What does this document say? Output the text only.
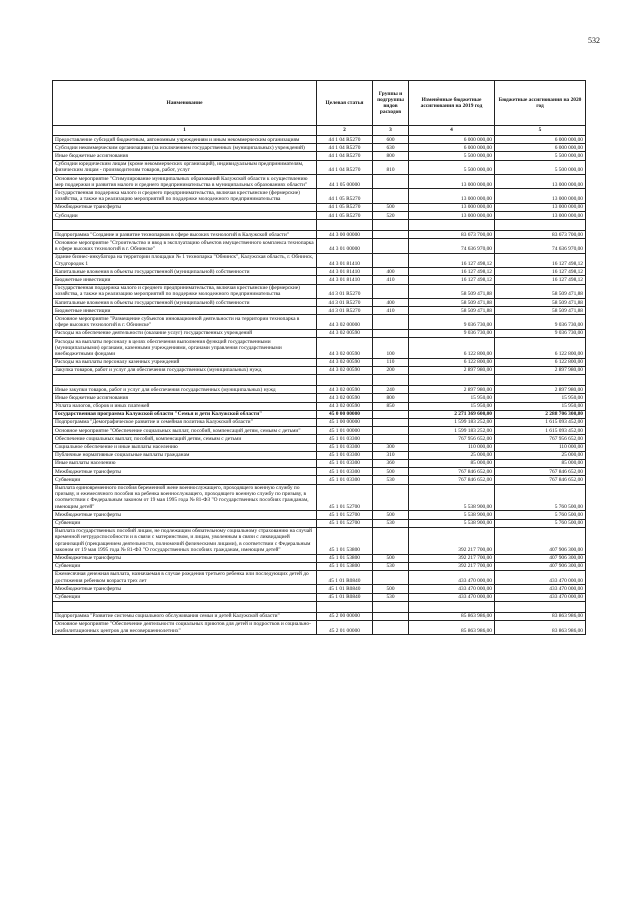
532
Наименование	Целевая статья	Группы и подгруппы видов расходов	Изменённые бюджетные ассигнования на 2019 год	Бюджетные ассигнования на 2020 год
1	2	3	4	5
Предоставление субсидий бюджетным, автономным учреждениям и иным некоммерческим организациям	44 1 04 R5270	600	6 000 000,00	6 000 000,00
Субсидии некоммерческим организациям (за исключением государственных (муниципальных) учреждений)	44 1 04 R5270	630	6 000 000,00	6 000 000,00
Иные бюджетные ассигнования	44 1 04 R5270	800	5 500 000,00	5 500 000,00
Субсидии юридическим лицам (кроме некоммерческих организаций), индивидуальным предпринимателям, физическим лицам - производителям товаров, работ, услуг	44 1 04 R5270	810	5 500 000,00	5 500 000,00
Основное мероприятие "Стимулирование муниципальных образований Калужской области к осуществлению мер поддержки и развития малого и среднего предпринимательства в муниципальных образованиях области"	44 1 05 00000		13 000 000,00	13 000 000,00
Государственная поддержка малого и среднего предпринимательства, включая крестьянские (фермерские) хозяйства, а также на реализацию мероприятий по поддержке молодежного предпринимательства	44 1 05 R5270		13 000 000,00	13 000 000,00
Межбюджетные трансферты	44 1 05 R5270	500	13 000 000,00	13 000 000,00
Субсидии	44 1 05 R5270	520	13 000 000,00	13 000 000,00

Подпрограмма "Создание и развитие технопарков в сфере высоких технологий в Калужской области"	44 3 00 00000		83 673 700,00	83 673 700,00
Основное мероприятие "Строительство и ввод в эксплуатацию объектов имущественного комплекса технопарка в сфере высоких технологий в г. Обнинске"	44 3 01 00000		74 636 970,00	74 636 970,00
Здание бизнес-инкубатора на территории площадки № 1 технопарка "Обнинск", Калужская область, г. Обнинск, Студгородок 1	44 3 01 81410		16 127 498,12	16 127 498,12
Капитальные вложения в объекты государственной (муниципальной) собственности	44 3 01 81410	400	16 127 498,12	16 127 498,12
Бюджетные инвестиции	44 3 01 81410	410	16 127 498,12	16 127 498,12
Государственная поддержка малого и среднего предпринимательства, включая крестьянские (фермерские) хозяйства, а также на реализацию мероприятий по поддержке молодежного предпринимательства	44 3 01 R5270		58 509 471,88	58 509 471,88
Капитальные вложения в объекты государственной (муниципальной) собственности	44 3 01 R5270	400	58 509 471,88	58 509 471,88
Бюджетные инвестиции	44 3 01 R5270	410	58 509 471,88	58 509 471,88
Основное мероприятие "Размещение субъектов инновационной деятельности на территории технопарка в сфере высоких технологий в г. Обнинске"	44 3 02 00000		9 036 730,00	9 036 730,00
Расходы на обеспечение деятельности (оказание услуг) государственных учреждений	44 3 02 00590		9 036 730,00	9 036 730,00
Расходы на выплаты персоналу в целях обеспечения выполнения функций государственными (муниципальными) органами, казенными учреждениями, органами управления государственными внебюджетными фондами	44 3 02 00590	100	6 122 800,00	6 122 800,00
Расходы на выплаты персоналу казенных учреждений	44 3 02 00590	110	6 122 800,00	6 122 800,00
Закупка товаров, работ и услуг для обеспечения государственных (муниципальных) нужд	44 3 02 00590	200	2 897 980,00	2 897 980,00

Иные закупки товаров, работ и услуг для обеспечения государственных (муниципальных) нужд	44 3 02 00590	240	2 897 980,00	2 897 980,00
Иные бюджетные ассигнования	44 3 02 00590	800	15 950,00	15 950,00
Уплата налогов, сборов и иных платежей	44 3 02 00590	850	15 950,00	15 950,00
Государственная программа Калужской области "Семья и дети Калужской области"	45 0 00 00000		2 271 369 600,00	2 288 706 300,80
Подпрограмма "Демографическое развитие и семейная политика Калужской области"	45 1 00 00000		1 599 183 252,00	1 615 093 452,00
Основное мероприятие "Обеспечение социальных выплат, пособий, компенсаций детям, семьям с детьми"	45 1 01 00000		1 599 183 252,00	1 615 093 452,00
Обеспечение социальных выплат, пособий, компенсаций детям, семьям с детьми	45 1 01 03300		767 956 652,00	767 956 652,00
Социальное обеспечение и иные выплаты населению	45 1 01 03300	300	110 000,00	110 000,00
Публичные нормативные социальные выплаты гражданам	45 1 01 03300	310	25 000,00	25 000,00
Иные выплаты населению	45 1 01 03300	360	85 000,00	85 000,00
Межбюджетные трансферты	45 1 01 03300	500	767 846 652,00	767 846 652,00
Субвенции	45 1 01 03300	530	767 846 652,00	767 846 652,00
Выплата единовременного пособия беременной жене военнослужащего, проходящего военную службу по призыву, и ежемесячного пособия на ребенка военнослужащего, проходящего военную службу по призыву, в соответствии с Федеральным законом от 19 мая 1995 года № 81-ФЗ "О государственных пособиях гражданам, имеющим детей"	45 1 01 52700		5 538 900,00	5 760 500,00
Межбюджетные трансферты	45 1 01 52700	500	5 538 900,00	5 760 500,00
Субвенции	45 1 01 52700	530	5 538 900,00	5 760 500,00
Выплата государственных пособий лицам, не подлежащим обязательному социальному страхованию на случай временной нетрудоспособности и в связи с материнством, и лицам, уволенным в связи с ликвидацией организаций (прекращением деятельности, полномочий физическими лицами), в соответствии с Федеральным законом от 19 мая 1995 года № 81-ФЗ "О государственных пособиях гражданам, имеющим детей"	45 1 01 53800		392 217 700,00	407 906 300,00
Межбюджетные трансферты	45 1 01 53800	500	392 217 700,00	407 906 300,00
Субвенции	45 1 01 53800	530	392 217 700,00	407 906 300,00
Ежемесячная денежная выплата, назначаемая в случае рождения третьего ребенка или последующих детей до достижения ребенком возраста трех лет	45 1 01 R0840		433 470 000,00	433 470 000,00
Межбюджетные трансферты	45 1 01 R0840	500	433 470 000,00	433 470 000,00
Субвенции	45 1 01 R0840	530	433 470 000,00	433 470 000,00

Подпрограмма "Развитие системы социального обслуживания семьи и детей Калужской области"	45 2 00 00000		85 863 986,00	83 863 986,00
Основное мероприятие "Обеспечение деятельности социальных приютов для детей и подростков и социально-реабилитационных центров для несовершеннолетних"	45 2 01 00000		85 863 986,00	83 863 986,00
